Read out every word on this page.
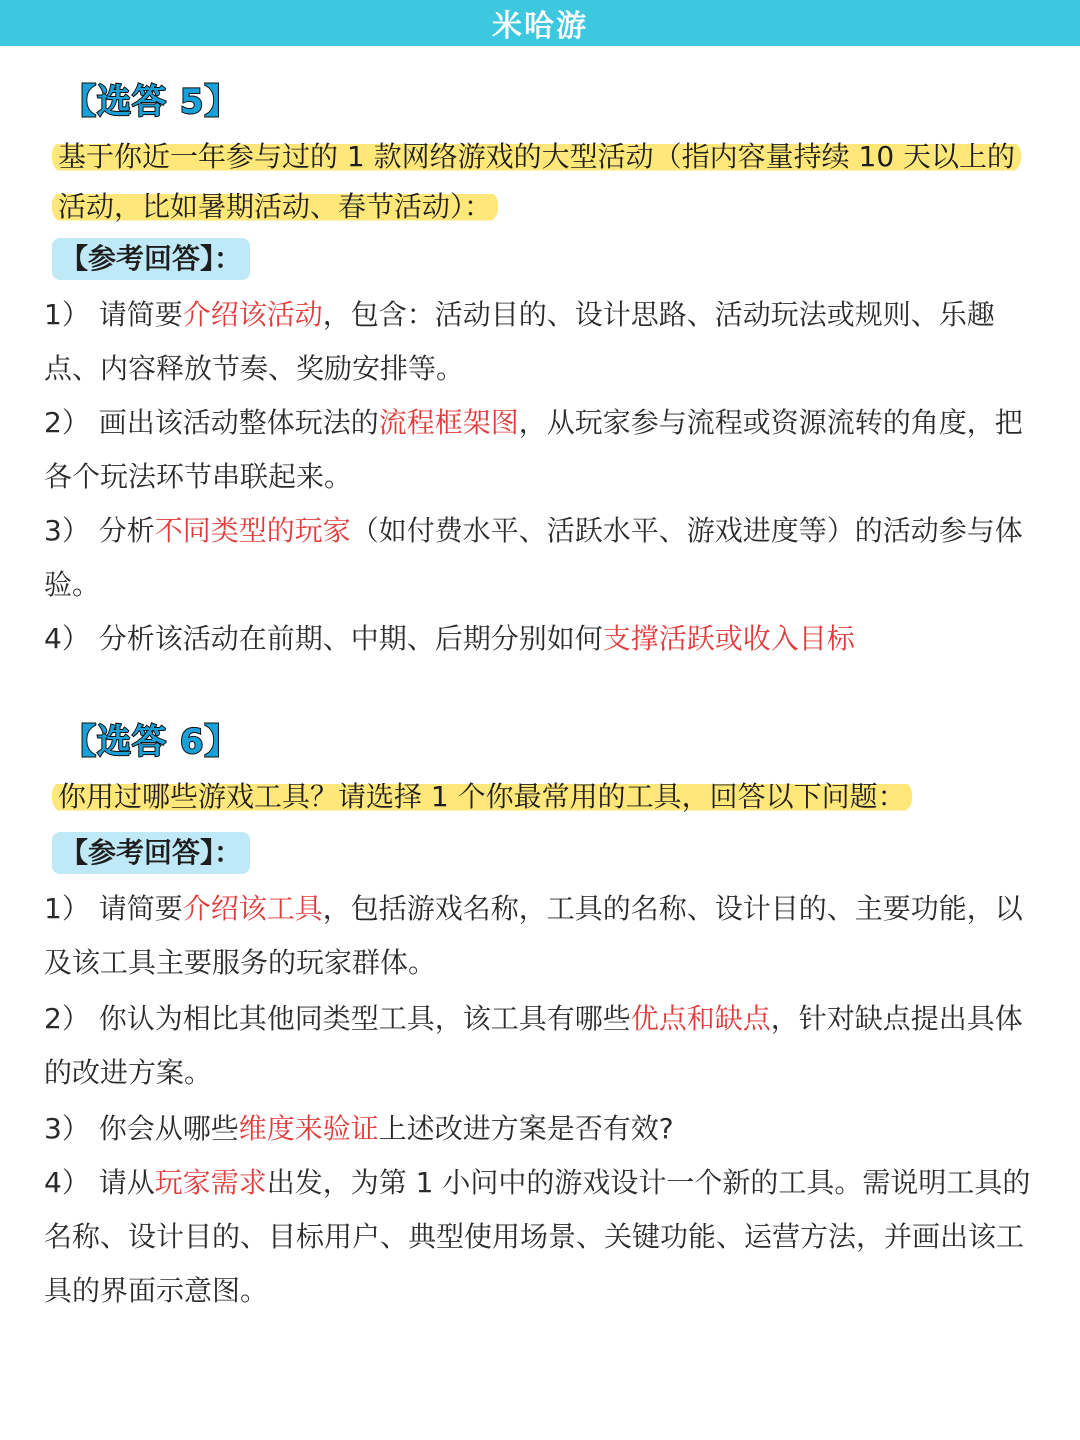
米哈游
【选答 5】
基于你近一年参与过的 1 款网络游戏的大型活动（指内容量持续 10 天以上的活动，比如暑期活动、春节活动）：
【参考回答】：
1） 请简要介绍该活动，包含：活动目的、设计思路、活动玩法或规则、乐趣点、内容释放节奏、奖励安排等。
2） 画出该活动整体玩法的流程框架图，从玩家参与流程或资源流转的角度，把各个玩法环节串联起来。
3） 分析不同类型的玩家（如付费水平、活跃水平、游戏进度等）的活动参与体验。
4） 分析该活动在前期、中期、后期分别如何支撑活跃或收入目标
【选答 6】
你用过哪些游戏工具？请选择 1 个你最常用的工具，回答以下问题：
【参考回答】：
1） 请简要介绍该工具，包括游戏名称，工具的名称、设计目的、主要功能，以及该工具主要服务的玩家群体。
2） 你认为相比其他同类型工具，该工具有哪些优点和缺点，针对缺点提出具体的改进方案。
3） 你会从哪些维度来验证上述改进方案是否有效?
4） 请从玩家需求出发，为第 1 小问中的游戏设计一个新的工具。需说明工具的名称、设计目的、目标用户、典型使用场景、关键功能、运营方法，并画出该工具的界面示意图。
